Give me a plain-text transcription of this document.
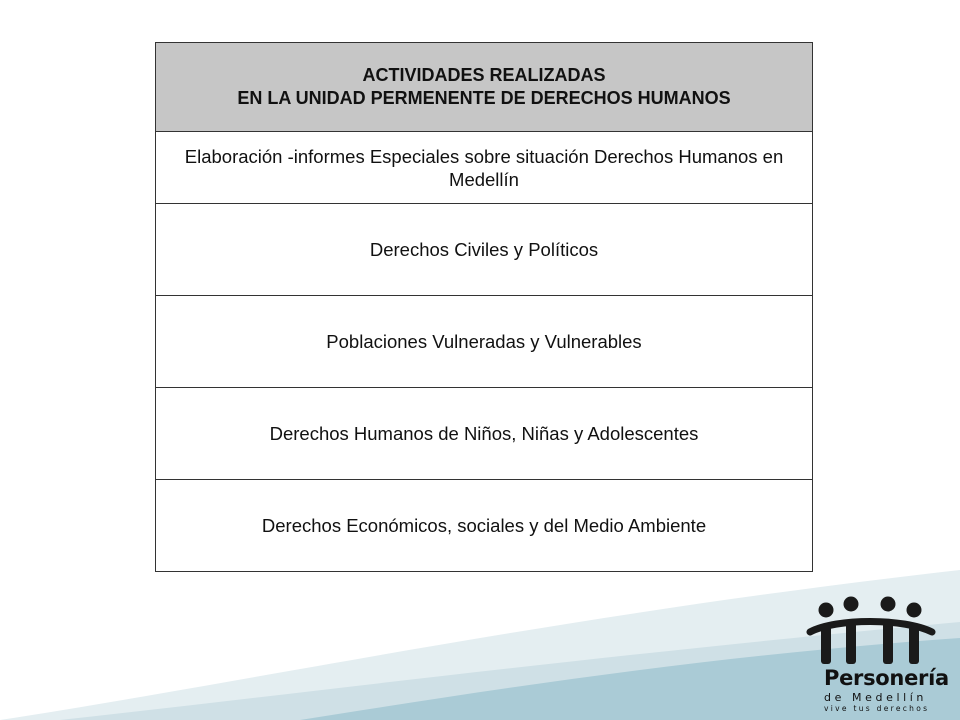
ACTIVIDADES REALIZADAS
EN LA UNIDAD PERMENENTE DE DERECHOS HUMANOS

Elaboración -informes Especiales sobre situación Derechos Humanos en Medellín
Derechos Civiles y Políticos
Poblaciones Vulneradas y Vulnerables
Derechos Humanos de Niños, Niñas y Adolescentes
Derechos Económicos, sociales y del Medio Ambiente
Personería
de Medellín
vive tus derechos
